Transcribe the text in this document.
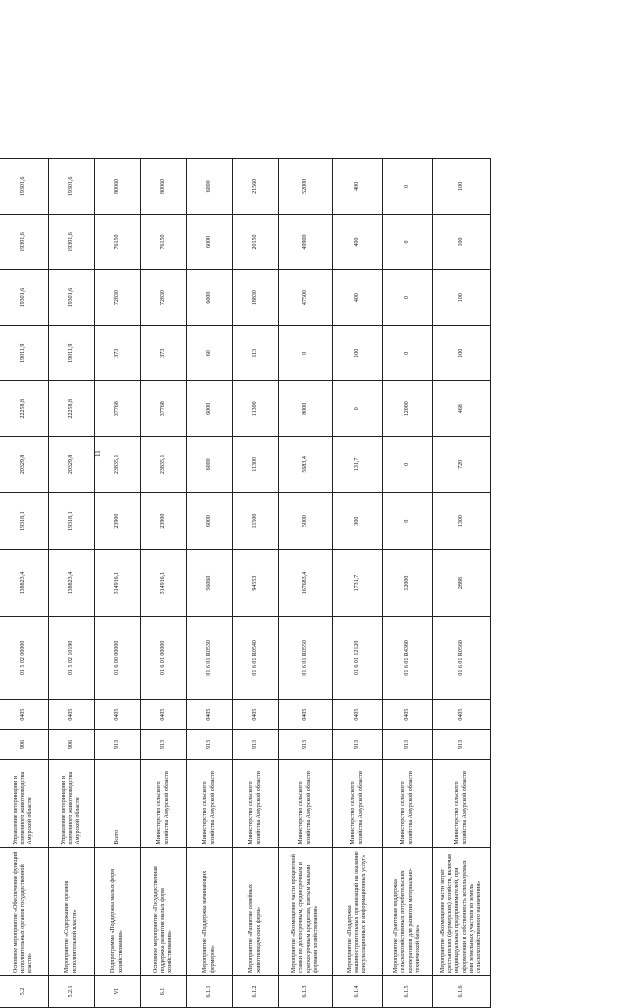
11

5.2	Основное мероприятие «Обеспечение функций исполнительных органов государственной власти»	Управление ветеринарии и племенного животноводства Амурской области	906	0405	01 5 02 00000	138823,4	19318,1	20329,8	22258,8	19011,9	19301,6	19301,6	19301,6
5.2.1	Мероприятие «Содержание органов исполнительной власти»	Управление ветеринарии и племенного животноводства Амурской области	906	0405	01 5 02 10190	138823,4	19318,1	20329,8	22258,8	19011,9	19301,6	19301,6	19301,6
VI	Подпрограмма «Поддержка малых форм хозяйствования»	Всего	913	0405	01 6 00 00000	314916,1	23900	23835,1	37768	373	72830	76150	80060
6.1	Основное мероприятие «Государственная поддержка развития малых форм хозяйствования»	Министерство сельского хозяйства Амурской области	913	0405	01 6 01 00000	314916,1	23900	23835,1	37768	373	72830	76150	80060
6.1.1	Мероприятие «Поддержка начинающих фермеров»	Министерство сельского хозяйства Амурской области	913	0405	01 6 01 R0530	56060	6000	6000	6000	60	6000	6000	6000
6.1.2	Мероприятие «Развитие семейных животноводческих ферм»	Министерство сельского хозяйства Амурской области	913	0405	01 6 01 R0540	94553	11500	11300	11300	113	18830	20150	21560
6.1.3	Мероприятие «Возмещение части процентной ставки по долгосрочным, среднесрочным и краткосрочным кредитам, взятым малыми формами хозяйствования»	Министерство сельского хозяйства Амурской области	913	0405	01 6 01 R0550	167683,4	5000	5683,4	8000	0	47500	49900	52000
6.1.4	Мероприятие «Поддержка машиностроительных организаций на оказание консультационных и информационных услуг»	Министерство сельского хозяйства Амурской области	913	0405	01 6 01 12120	1731,7	300	131,7	0	100	400	400	400
6.1.5	Мероприятие «Грантовая поддержка сельскохозяйственных потребительских кооперативов для развития материально-технической базы»	Министерство сельского хозяйства Амурской области	913	0405	01 6 01 R4380	12000	0	0	12000	0	0	0	0
6.1.6	Мероприятие «Возмещение части затрат крестьянских (фермерских) хозяйств, включая индивидуальных предпринимателей, при оформлении в собственность используемых ими земельных участков из земель сельскохозяйственного назначения»	Министерство сельского хозяйства Амурской области	913	0405	01 6 01 R0560	2888	1300	720	468	100	100	100	100
